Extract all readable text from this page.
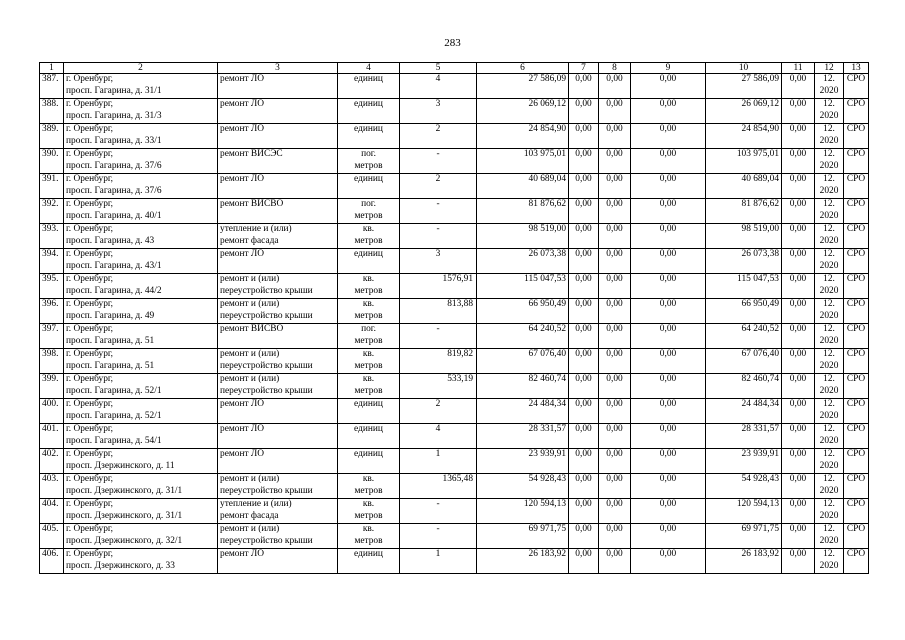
283
1	2	3	4	5	6	7	8	9	10	11	12	13

387.	г. Оренбург,
просп. Гагарина, д. 31/1	ремонт ЛО	единиц	4	27 586,09	0,00	0,00	0,00	27 586,09	0,00	12.
2020	СРО

388.	г. Оренбург,
просп. Гагарина, д. 31/3	ремонт ЛО	единиц	3	26 069,12	0,00	0,00	0,00	26 069,12	0,00	12.
2020	СРО

389.	г. Оренбург,
просп. Гагарина, д. 33/1	ремонт ЛО	единиц	2	24 854,90	0,00	0,00	0,00	24 854,90	0,00	12.
2020	СРО

390.	г. Оренбург,
просп. Гагарина, д. 37/6	ремонт ВИСЭС	пог.
метров	-	103 975,01	0,00	0,00	0,00	103 975,01	0,00	12.
2020	СРО

391.	г. Оренбург,
просп. Гагарина, д. 37/6	ремонт ЛО	единиц	2	40 689,04	0,00	0,00	0,00	40 689,04	0,00	12.
2020	СРО

392.	г. Оренбург,
просп. Гагарина, д. 40/1	ремонт ВИСВО	пог.
метров	-	81 876,62	0,00	0,00	0,00	81 876,62	0,00	12.
2020	СРО

393.	г. Оренбург,
просп. Гагарина, д. 43	утепление и (или)
ремонт фасада	кв.
метров	-	98 519,00	0,00	0,00	0,00	98 519,00	0,00	12.
2020	СРО

394.	г. Оренбург,
просп. Гагарина, д. 43/1	ремонт ЛО	единиц	3	26 073,38	0,00	0,00	0,00	26 073,38	0,00	12.
2020	СРО

395.	г. Оренбург,
просп. Гагарина, д. 44/2	ремонт и (или)
переустройство крыши	кв.
метров	1576,91	115 047,53	0,00	0,00	0,00	115 047,53	0,00	12.
2020	СРО

396.	г. Оренбург,
просп. Гагарина, д. 49	ремонт и (или)
переустройство крыши	кв.
метров	813,88	66 950,49	0,00	0,00	0,00	66 950,49	0,00	12.
2020	СРО

397.	г. Оренбург,
просп. Гагарина, д. 51	ремонт ВИСВО	пог.
метров	-	64 240,52	0,00	0,00	0,00	64 240,52	0,00	12.
2020	СРО

398.	г. Оренбург,
просп. Гагарина, д. 51	ремонт и (или)
переустройство крыши	кв.
метров	819,82	67 076,40	0,00	0,00	0,00	67 076,40	0,00	12.
2020	СРО

399.	г. Оренбург,
просп. Гагарина, д. 52/1	ремонт и (или)
переустройство крыши	кв.
метров	533,19	82 460,74	0,00	0,00	0,00	82 460,74	0,00	12.
2020	СРО

400.	г. Оренбург,
просп. Гагарина, д. 52/1	ремонт ЛО	единиц	2	24 484,34	0,00	0,00	0,00	24 484,34	0,00	12.
2020	СРО

401.	г. Оренбург,
просп. Гагарина, д. 54/1	ремонт ЛО	единиц	4	28 331,57	0,00	0,00	0,00	28 331,57	0,00	12.
2020	СРО

402.	г. Оренбург,
просп. Дзержинского, д. 11	ремонт ЛО	единиц	1	23 939,91	0,00	0,00	0,00	23 939,91	0,00	12.
2020	СРО

403.	г. Оренбург,
просп. Дзержинского, д. 31/1	ремонт и (или)
переустройство крыши	кв.
метров	1365,48	54 928,43	0,00	0,00	0,00	54 928,43	0,00	12.
2020	СРО

404.	г. Оренбург,
просп. Дзержинского, д. 31/1	утепление и (или)
ремонт фасада	кв.
метров	-	120 594,13	0,00	0,00	0,00	120 594,13	0,00	12.
2020	СРО

405.	г. Оренбург,
просп. Дзержинского, д. 32/1	ремонт и (или)
переустройство крыши	кв.
метров	-	69 971,75	0,00	0,00	0,00	69 971,75	0,00	12.
2020	СРО

406.	г. Оренбург,
просп. Дзержинского, д. 33	ремонт ЛО	единиц	1	26 183,92	0,00	0,00	0,00	26 183,92	0,00	12.
2020	СРО
